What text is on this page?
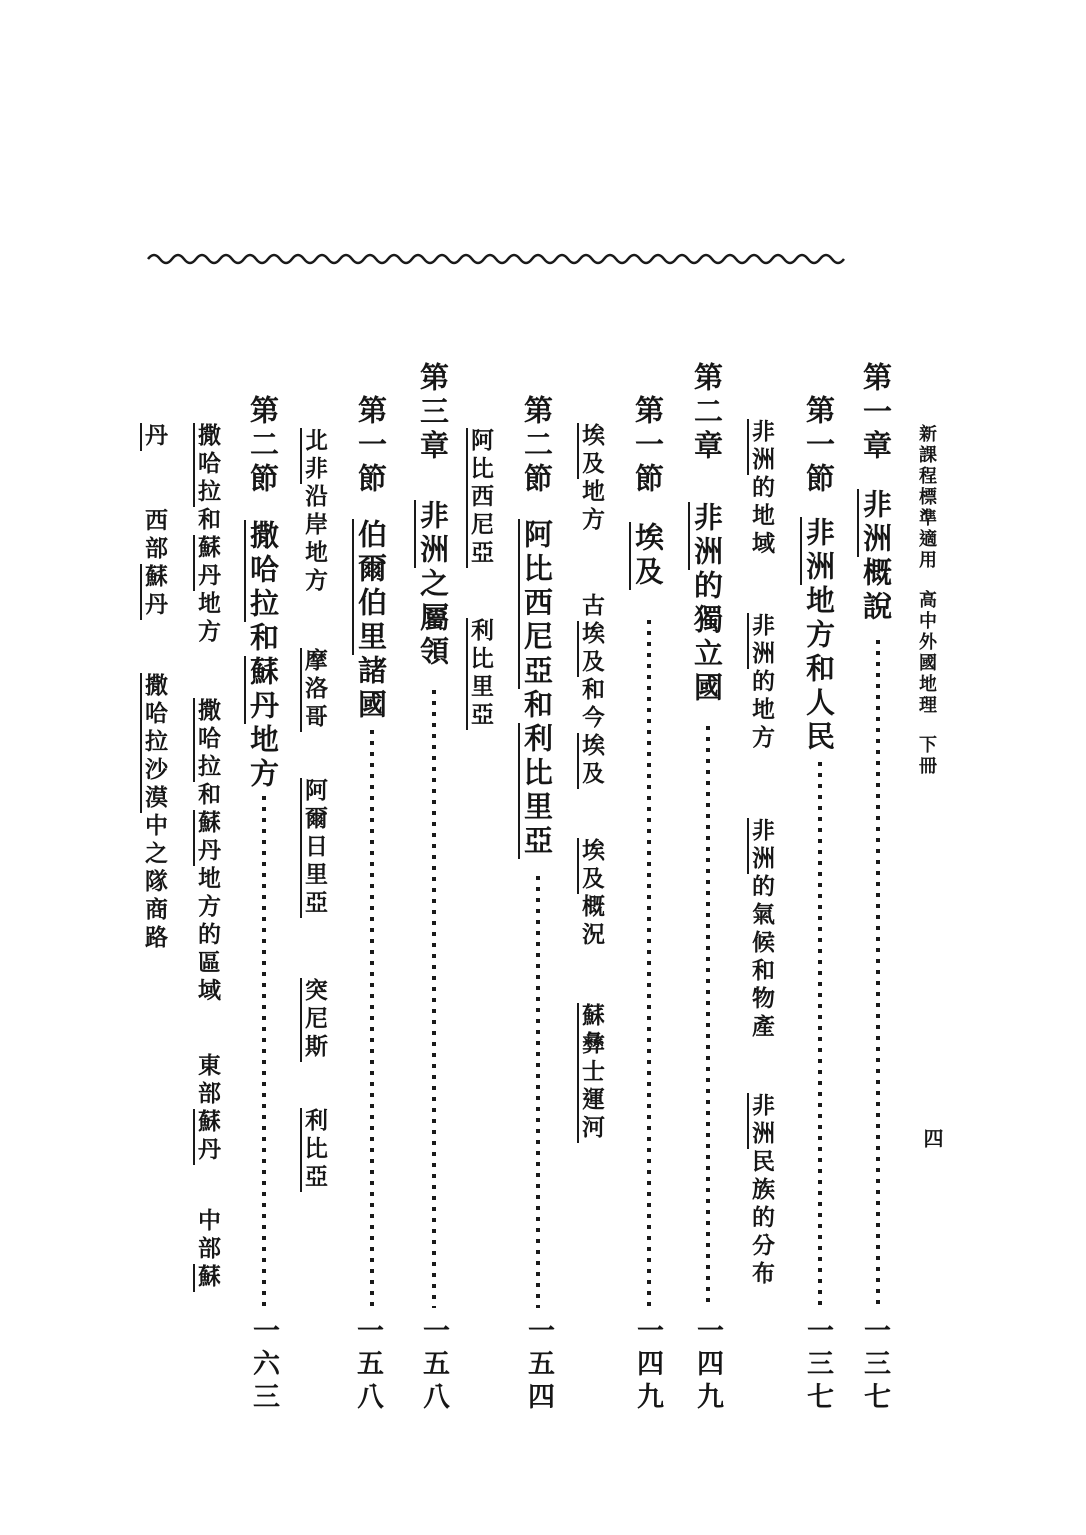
新課程標準適用
高中外國地理
下冊
四
第一章
非洲概說
一三七
第一節
非洲地方和人民
一三七
非洲的地域
非洲的地方
非洲的氣候和物產
非洲民族的分布
第二章
非洲的獨立國
一四九
第一節
埃及
一四九
埃及地方
古埃及和今埃及
埃及概況
蘇彝士運河
第二節
阿比西尼亞和利比里亞
一五四
阿比西尼亞
利比里亞
第三章
非洲之屬領
一五八
第一節
伯爾伯里諸國
一五八
北非沿岸地方
摩洛哥
阿爾日里亞
突尼斯
利比亞
第二節
撒哈拉和蘇丹地方
一六三
撒哈拉和蘇丹地方
撒哈拉和蘇丹地方的區域
東部蘇丹
中部蘇
丹
西部蘇丹
撒哈拉沙漠中之隊商路
